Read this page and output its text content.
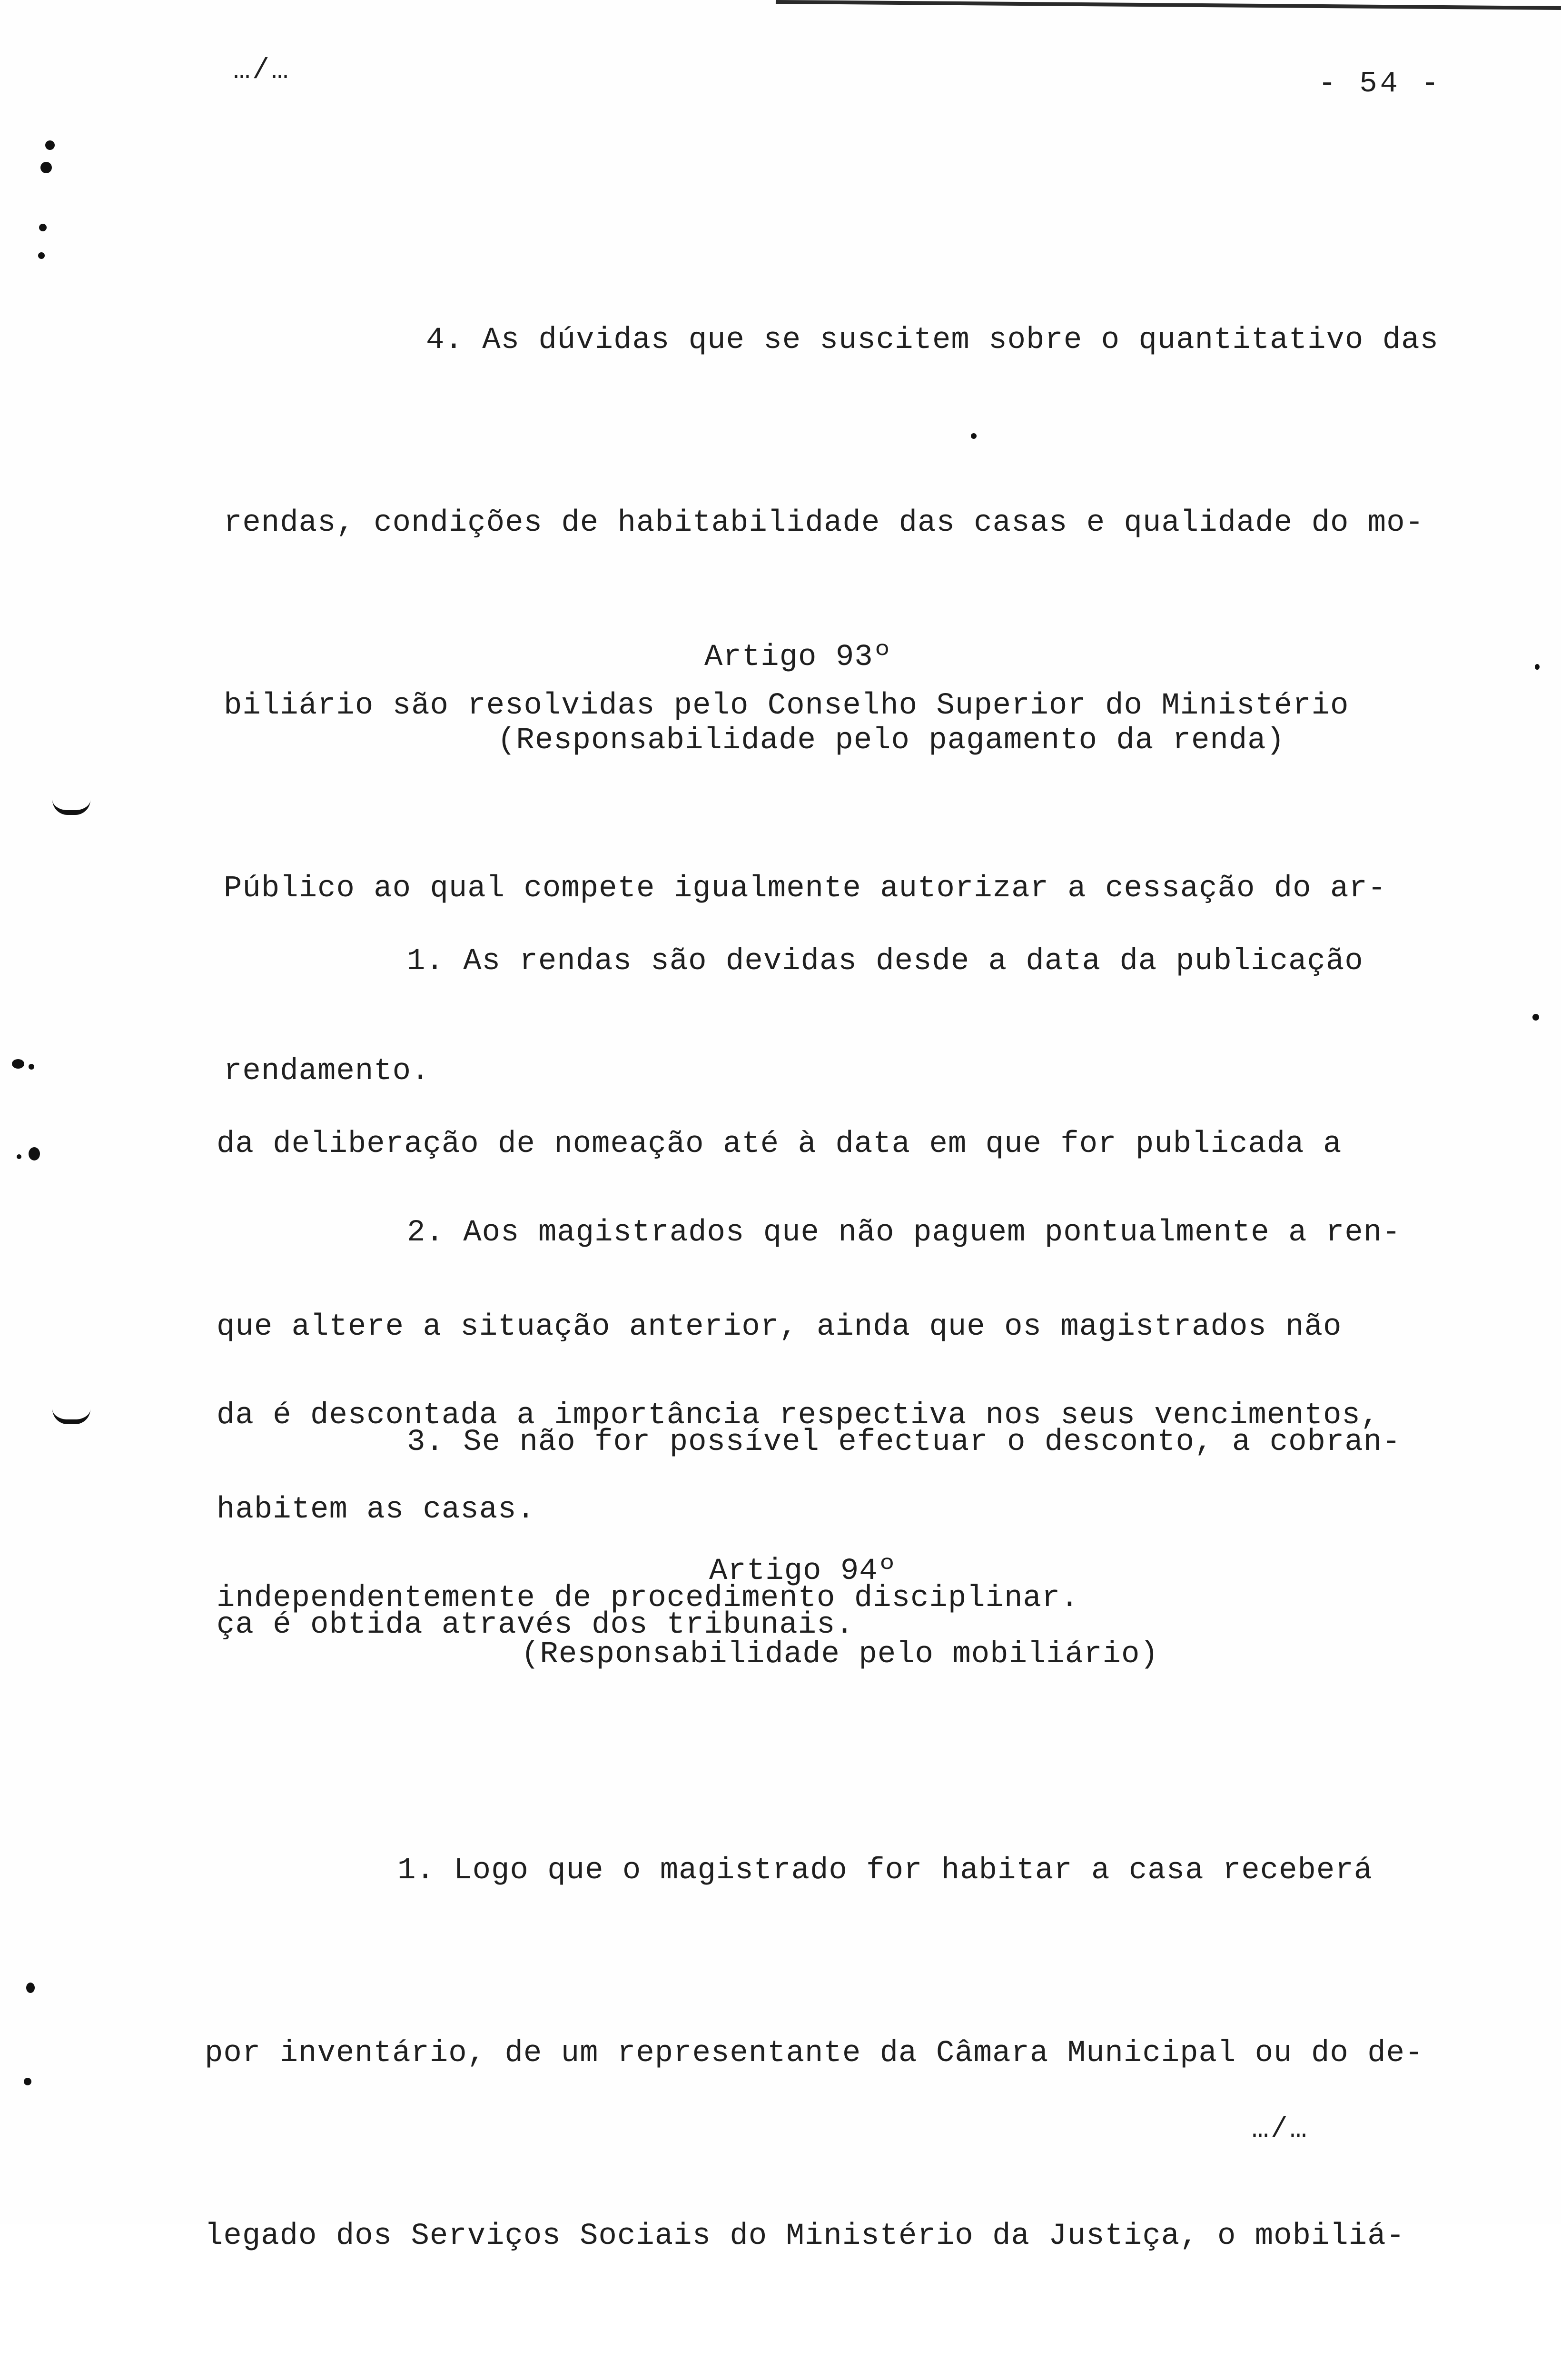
…/…	- 54 -

4. As dúvidas que se suscitem sobre o quantitativo das

rendas, condições de habitabilidade das casas e qualidade do mo-

biliário são resolvidas pelo Conselho Superior do Ministério

Público ao qual compete igualmente autorizar a cessação do ar-

rendamento.

Artigo 93º
(Responsabilidade pelo pagamento da renda)

1. As rendas são devidas desde a data da publicação

da deliberação de nomeação até à data em que for publicada a

que altere a situação anterior, ainda que os magistrados não

habitem as casas.

2. Aos magistrados que não paguem pontualmente a ren-

da é descontada a importância respectiva nos seus vencimentos,

independentemente de procedimento disciplinar.

3. Se não for possível efectuar o desconto, a cobran-

ça é obtida através dos tribunais.

Artigo 94º
(Responsabilidade pelo mobiliário)

1. Logo que o magistrado for habitar a casa receberá

por inventário, de um representante da Câmara Municipal ou do de-

legado dos Serviços Sociais do Ministério da Justiça, o mobiliá-

…/…
